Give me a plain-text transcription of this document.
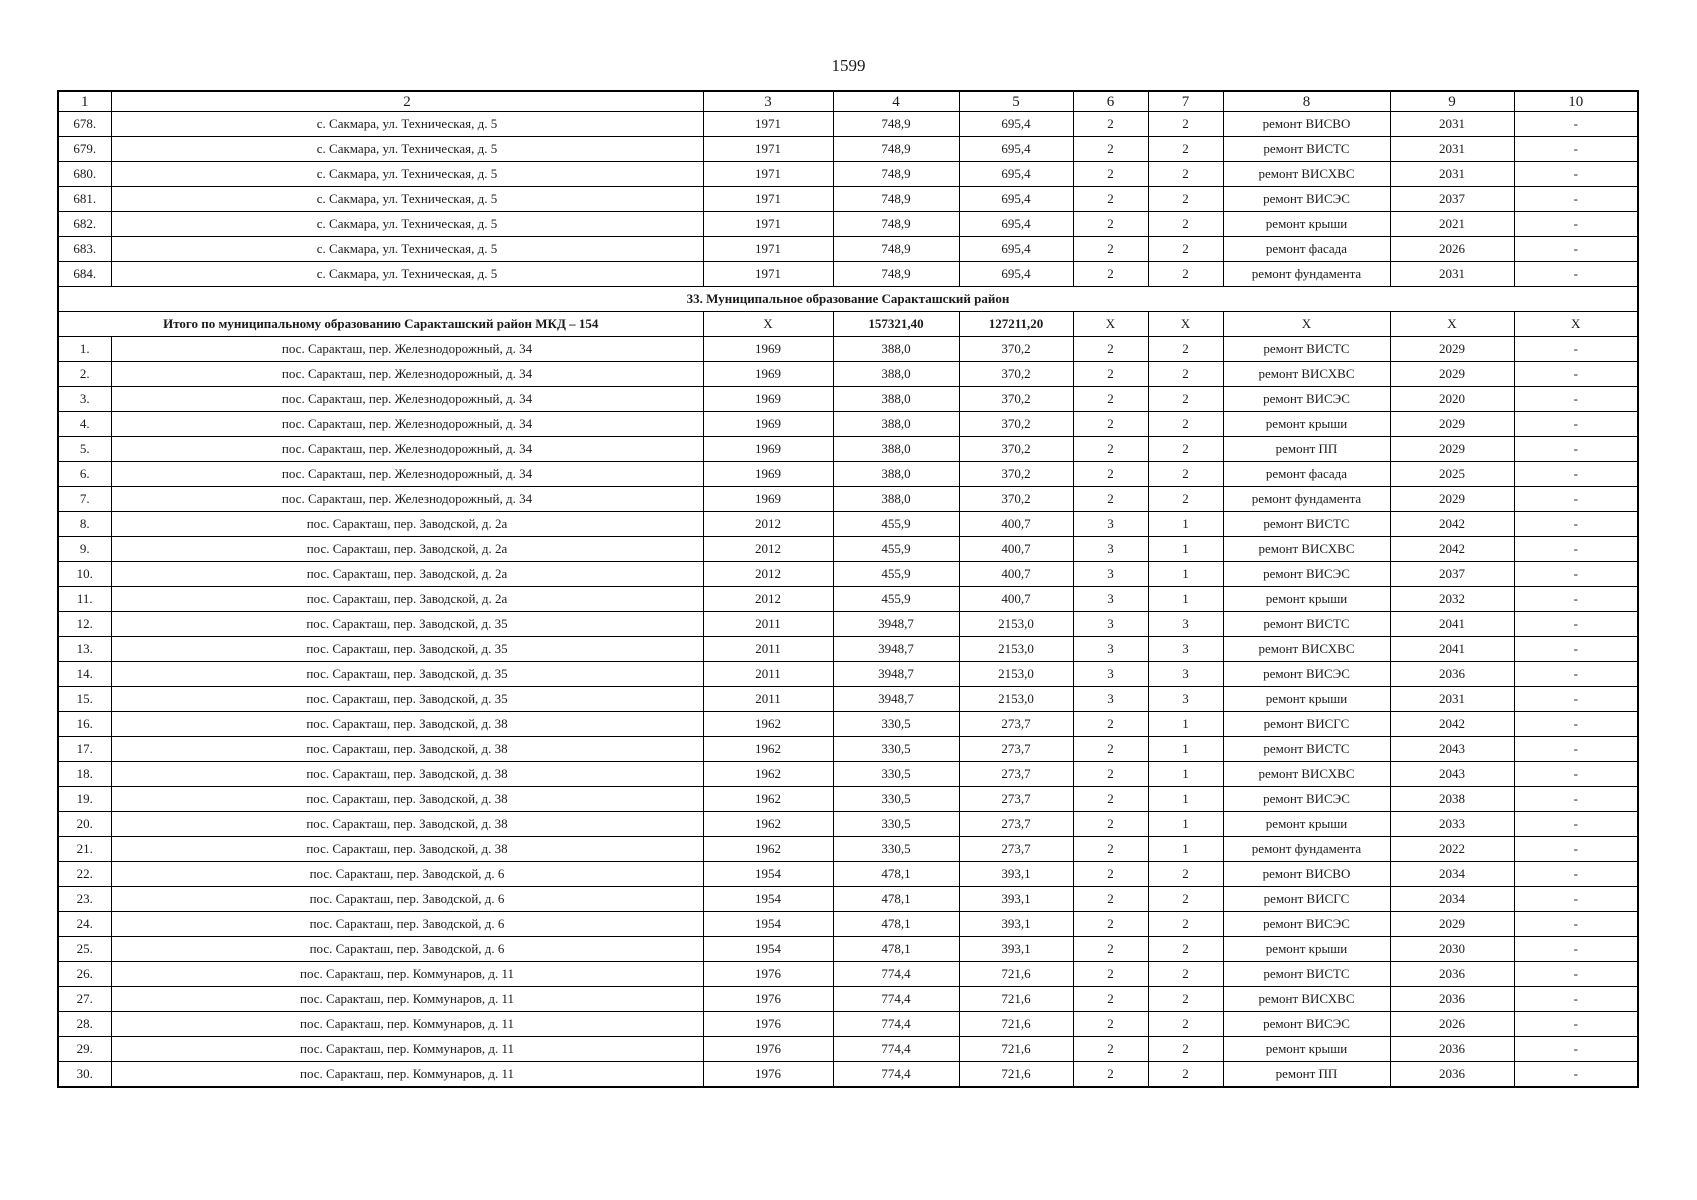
1599
1	2	3	4	5	6	7	8	9	10
678.	с. Сакмара, ул. Техническая, д. 5	1971	748,9	695,4	2	2	ремонт ВИСВО	2031	-
679.	с. Сакмара, ул. Техническая, д. 5	1971	748,9	695,4	2	2	ремонт ВИСТС	2031	-
680.	с. Сакмара, ул. Техническая, д. 5	1971	748,9	695,4	2	2	ремонт ВИСХВС	2031	-
681.	с. Сакмара, ул. Техническая, д. 5	1971	748,9	695,4	2	2	ремонт ВИСЭС	2037	-
682.	с. Сакмара, ул. Техническая, д. 5	1971	748,9	695,4	2	2	ремонт крыши	2021	-
683.	с. Сакмара, ул. Техническая, д. 5	1971	748,9	695,4	2	2	ремонт фасада	2026	-
684.	с. Сакмара, ул. Техническая, д. 5	1971	748,9	695,4	2	2	ремонт фундамента	2031	-
33. Муниципальное образование Саракташский район									
Итого по муниципальному образованию Саракташский район МКД – 154		X	157321,40	127211,20	X	X	X	X	X
1.	пос. Саракташ, пер. Железнодорожный, д. 34	1969	388,0	370,2	2	2	ремонт ВИСТС	2029	-
2.	пос. Саракташ, пер. Железнодорожный, д. 34	1969	388,0	370,2	2	2	ремонт ВИСХВС	2029	-
3.	пос. Саракташ, пер. Железнодорожный, д. 34	1969	388,0	370,2	2	2	ремонт ВИСЭС	2020	-
4.	пос. Саракташ, пер. Железнодорожный, д. 34	1969	388,0	370,2	2	2	ремонт крыши	2029	-
5.	пос. Саракташ, пер. Железнодорожный, д. 34	1969	388,0	370,2	2	2	ремонт ПП	2029	-
6.	пос. Саракташ, пер. Железнодорожный, д. 34	1969	388,0	370,2	2	2	ремонт фасада	2025	-
7.	пос. Саракташ, пер. Железнодорожный, д. 34	1969	388,0	370,2	2	2	ремонт фундамента	2029	-
8.	пос. Саракташ, пер. Заводской, д. 2а	2012	455,9	400,7	3	1	ремонт ВИСТС	2042	-
9.	пос. Саракташ, пер. Заводской, д. 2а	2012	455,9	400,7	3	1	ремонт ВИСХВС	2042	-
10.	пос. Саракташ, пер. Заводской, д. 2а	2012	455,9	400,7	3	1	ремонт ВИСЭС	2037	-
11.	пос. Саракташ, пер. Заводской, д. 2а	2012	455,9	400,7	3	1	ремонт крыши	2032	-
12.	пос. Саракташ, пер. Заводской, д. 35	2011	3948,7	2153,0	3	3	ремонт ВИСТС	2041	-
13.	пос. Саракташ, пер. Заводской, д. 35	2011	3948,7	2153,0	3	3	ремонт ВИСХВС	2041	-
14.	пос. Саракташ, пер. Заводской, д. 35	2011	3948,7	2153,0	3	3	ремонт ВИСЭС	2036	-
15.	пос. Саракташ, пер. Заводской, д. 35	2011	3948,7	2153,0	3	3	ремонт крыши	2031	-
16.	пос. Саракташ, пер. Заводской, д. 38	1962	330,5	273,7	2	1	ремонт ВИСГС	2042	-
17.	пос. Саракташ, пер. Заводской, д. 38	1962	330,5	273,7	2	1	ремонт ВИСТС	2043	-
18.	пос. Саракташ, пер. Заводской, д. 38	1962	330,5	273,7	2	1	ремонт ВИСХВС	2043	-
19.	пос. Саракташ, пер. Заводской, д. 38	1962	330,5	273,7	2	1	ремонт ВИСЭС	2038	-
20.	пос. Саракташ, пер. Заводской, д. 38	1962	330,5	273,7	2	1	ремонт крыши	2033	-
21.	пос. Саракташ, пер. Заводской, д. 38	1962	330,5	273,7	2	1	ремонт фундамента	2022	-
22.	пос. Саракташ, пер. Заводской, д. 6	1954	478,1	393,1	2	2	ремонт ВИСВО	2034	-
23.	пос. Саракташ, пер. Заводской, д. 6	1954	478,1	393,1	2	2	ремонт ВИСГС	2034	-
24.	пос. Саракташ, пер. Заводской, д. 6	1954	478,1	393,1	2	2	ремонт ВИСЭС	2029	-
25.	пос. Саракташ, пер. Заводской, д. 6	1954	478,1	393,1	2	2	ремонт крыши	2030	-
26.	пос. Саракташ, пер. Коммунаров, д. 11	1976	774,4	721,6	2	2	ремонт ВИСТС	2036	-
27.	пос. Саракташ, пер. Коммунаров, д. 11	1976	774,4	721,6	2	2	ремонт ВИСХВС	2036	-
28.	пос. Саракташ, пер. Коммунаров, д. 11	1976	774,4	721,6	2	2	ремонт ВИСЭС	2026	-
29.	пос. Саракташ, пер. Коммунаров, д. 11	1976	774,4	721,6	2	2	ремонт крыши	2036	-
30.	пос. Саракташ, пер. Коммунаров, д. 11	1976	774,4	721,6	2	2	ремонт ПП	2036	-
